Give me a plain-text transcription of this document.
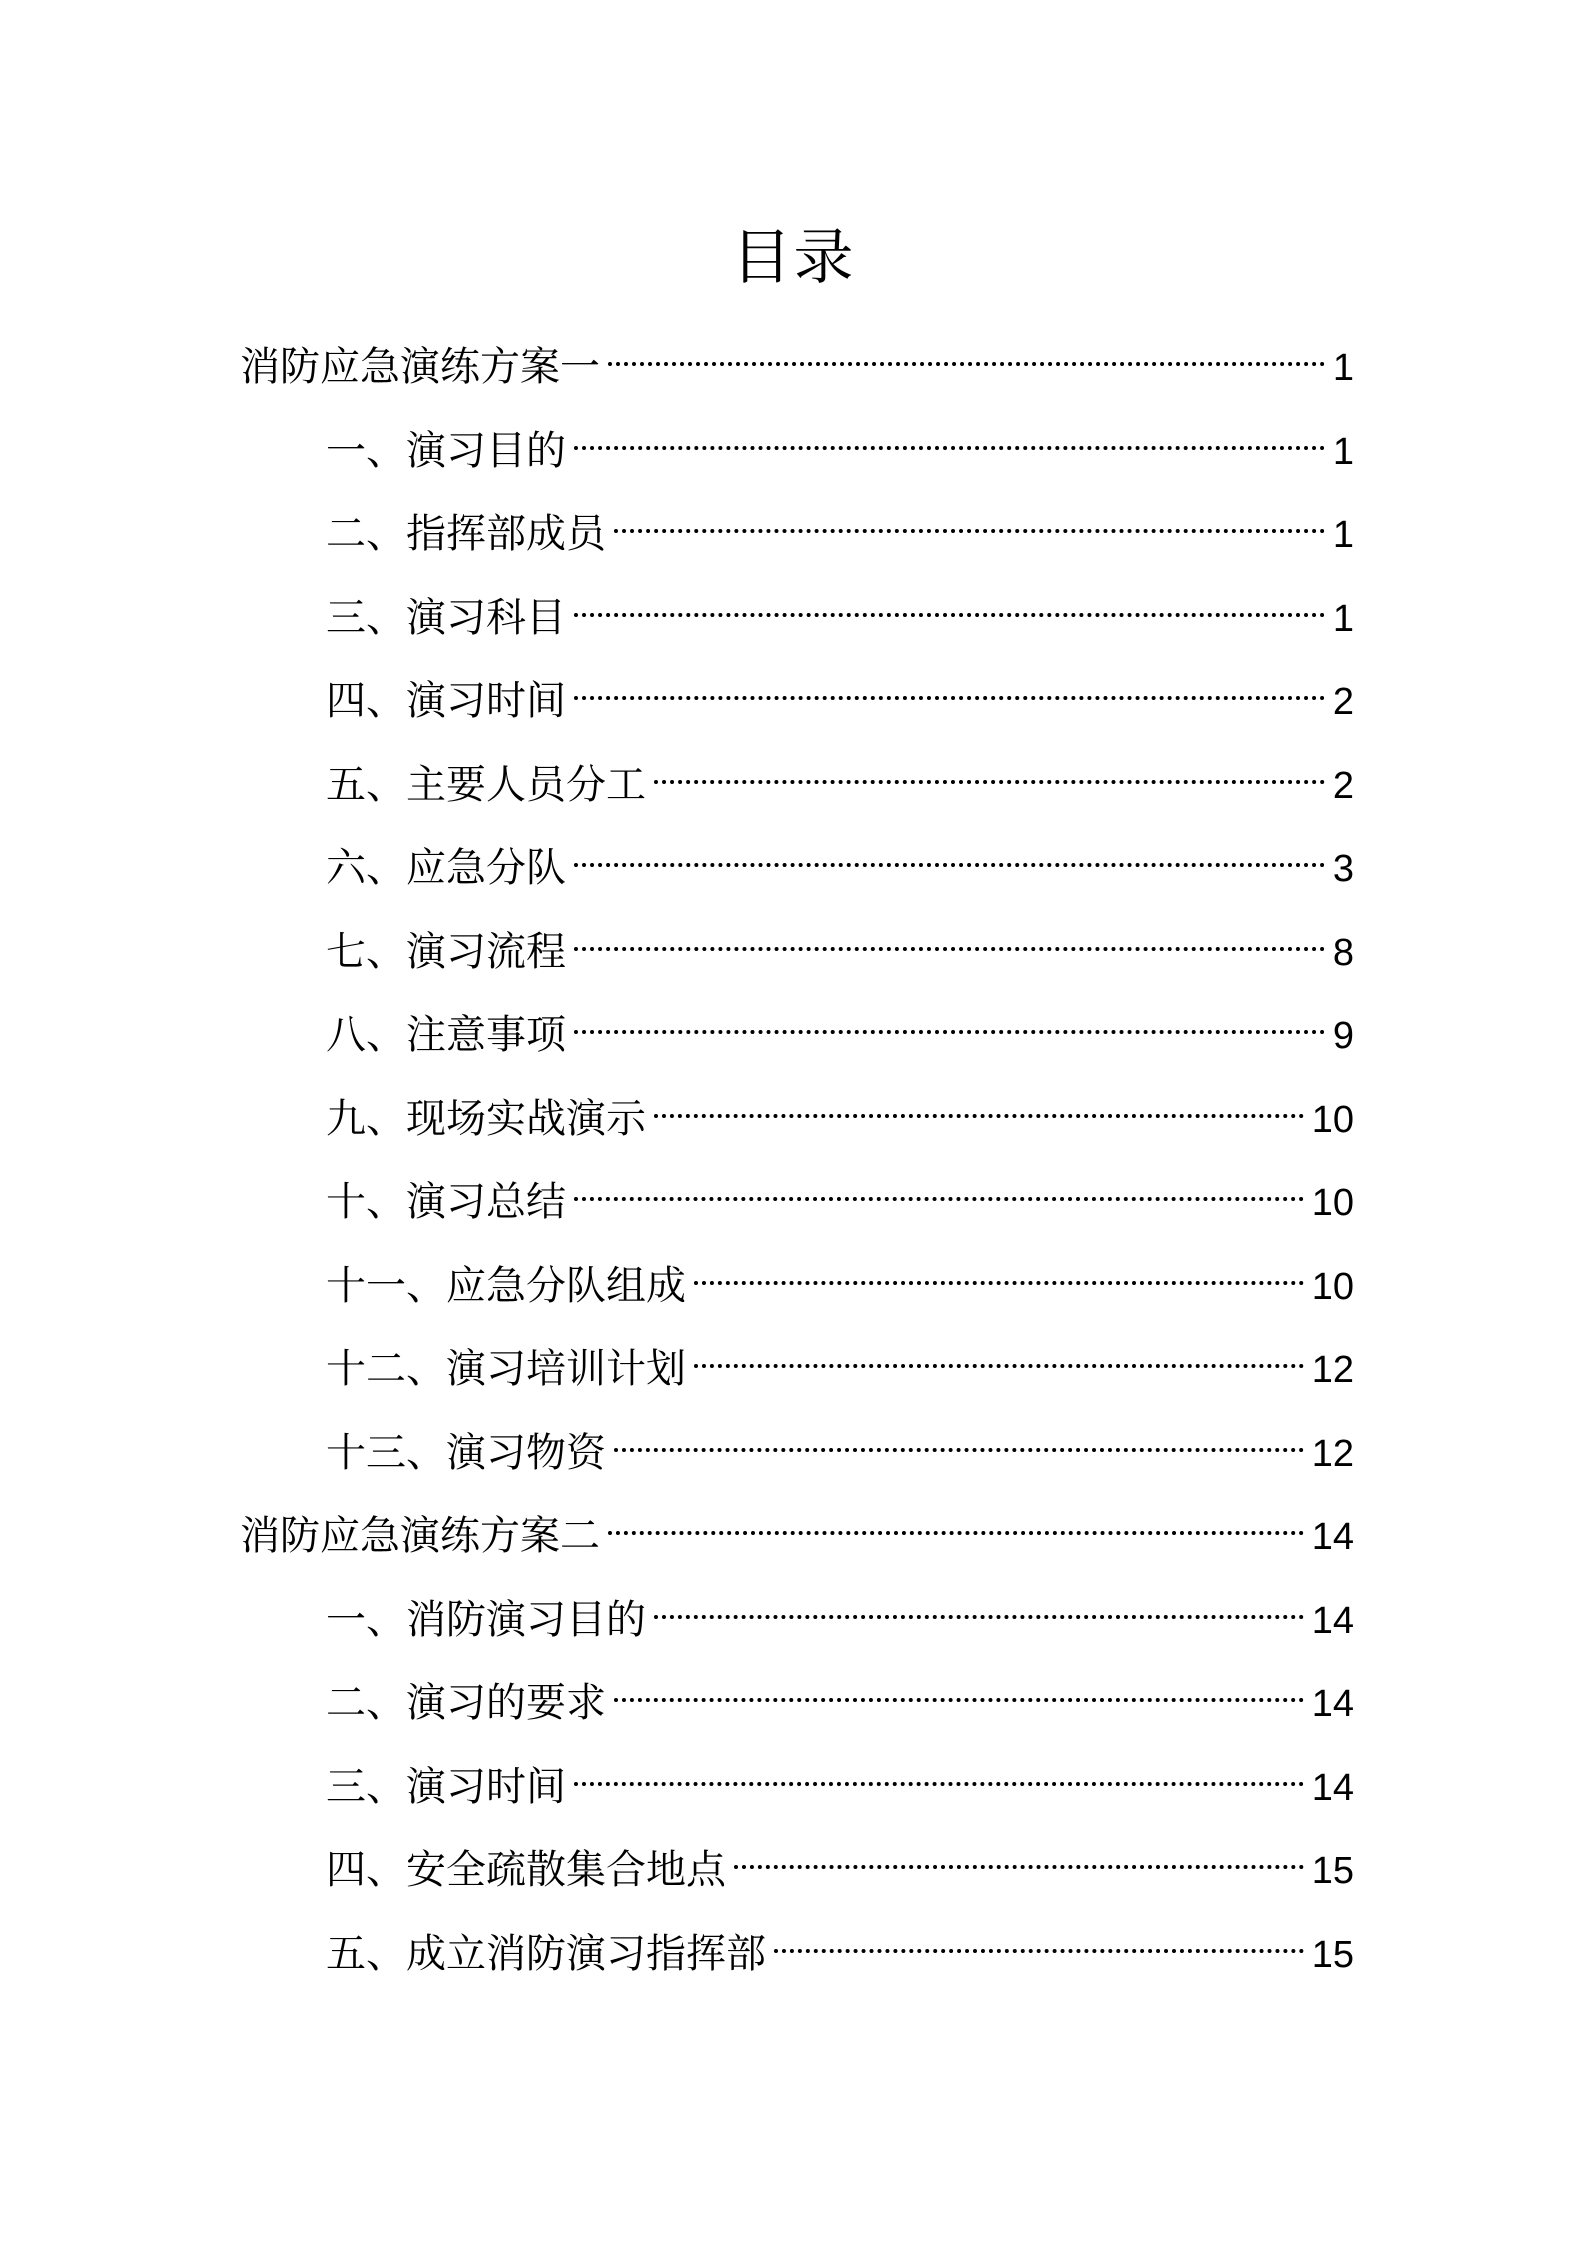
目录
消防应急演练方案一	1
一、演习目的	1
二、指挥部成员	1
三、演习科目	1
四、演习时间	2
五、主要人员分工	2
六、应急分队	3
七、演习流程	8
八、注意事项	9
九、现场实战演示	10
十、演习总结	10
十一、应急分队组成	10
十二、演习培训计划	12
十三、演习物资	12
消防应急演练方案二	14
一、消防演习目的	14
二、演习的要求	14
三、演习时间	14
四、安全疏散集合地点	15
五、成立消防演习指挥部	15
